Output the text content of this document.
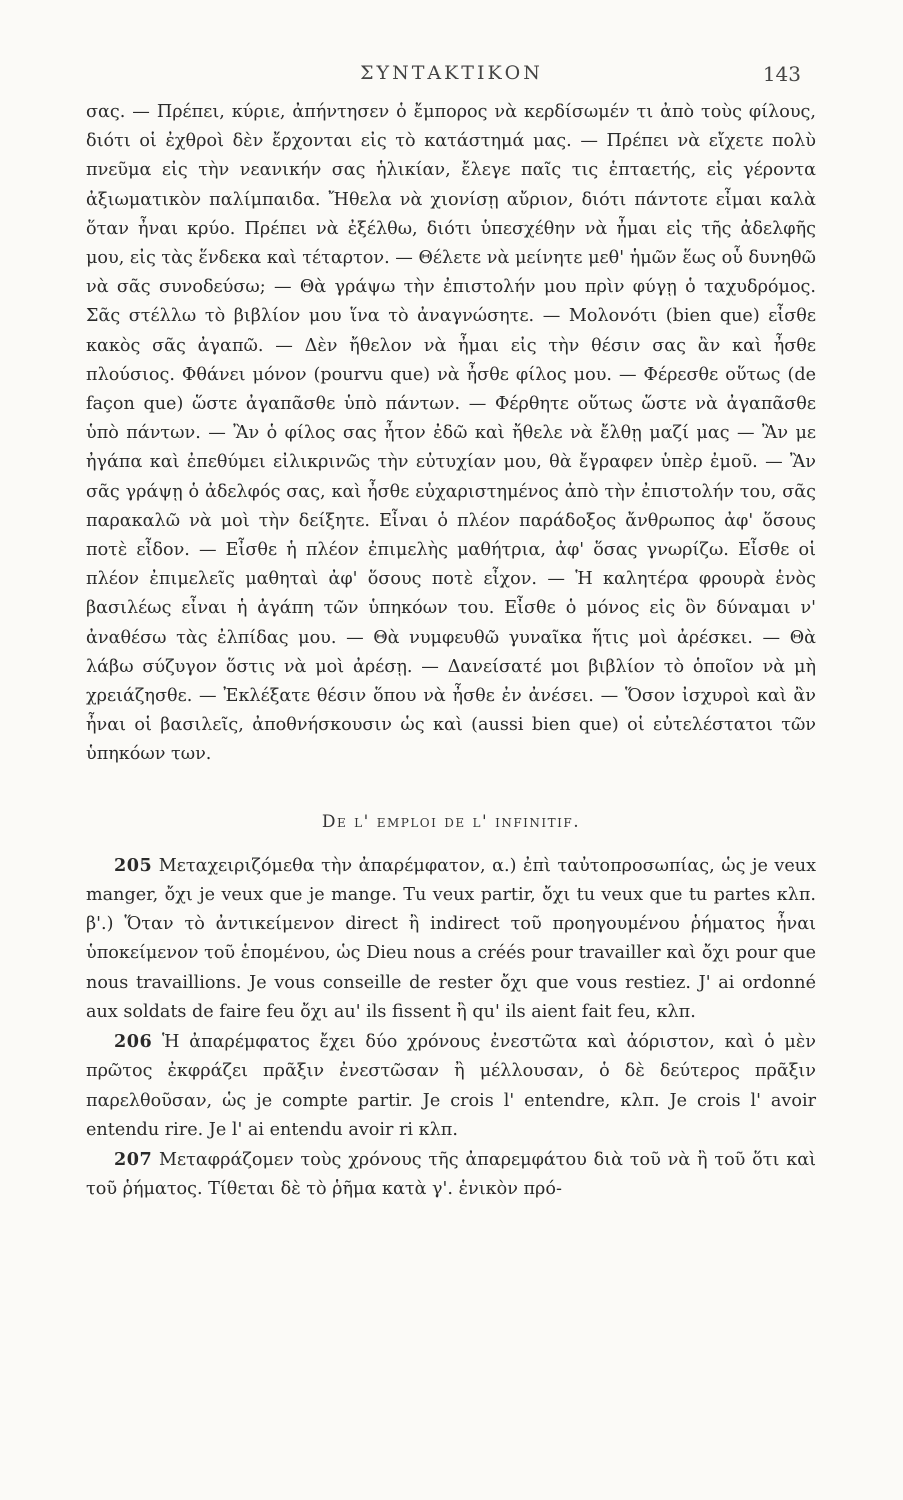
ΣΥΝΤΑΚΤΙΚΟΝ	143

σας. — Πρέπει, κύριε, ἀπήντησεν ὁ ἔμπορος νὰ κερδίσωμέν τι ἀπὸ τοὺς φίλους, διότι οἱ ἐχθροὶ δὲν ἔρχονται εἰς τὸ κατάστημά μας. — Πρέπει νὰ εἴχετε πολὺ πνεῦμα εἰς τὴν νεανικήν σας ἡλικίαν, ἔλεγε παῖς τις ἑπταετής, εἰς γέροντα ἀξιωματικὸν παλίμπαιδα. Ἤθελα νὰ χιονίσῃ αὔριον, διότι πάντοτε εἶμαι καλὰ ὅταν ἦναι κρύο. Πρέπει νὰ ἐξέλθω, διότι ὑπεσχέθην νὰ ἦμαι εἰς τῆς ἀδελφῆς μου, εἰς τὰς ἕνδεκα καὶ τέταρτον. — Θέλετε νὰ μείνητε μεθ' ἡμῶν ἕως οὗ δυνηθῶ νὰ σᾶς συνοδεύσω; — Θὰ γράψω τὴν ἐπιστολήν μου πρὶν φύγῃ ὁ ταχυδρόμος. Σᾶς στέλλω τὸ βιβλίον μου ἵνα τὸ ἀναγνώσητε. — Μολονότι (bien que) εἶσθε κακὸς σᾶς ἀγαπῶ. — Δὲν ἤθελον νὰ ἦμαι εἰς τὴν θέσιν σας ἂν καὶ ἦσθε πλούσιος. Φθάνει μόνον (pourvu que) νὰ ἦσθε φίλος μου. — Φέρεσθε οὕτως (de façon que) ὥστε ἀγαπᾶσθε ὑπὸ πάντων. — Φέρθητε οὕτως ὥστε νὰ ἀγαπᾶσθε ὑπὸ πάντων. — Ἂν ὁ φίλος σας ἦτον ἐδῶ καὶ ἤθελε νὰ ἔλθῃ μαζί μας — Ἂν με ἠγάπα καὶ ἐπεθύμει εἰλικρινῶς τὴν εὐτυχίαν μου, θὰ ἔγραφεν ὑπὲρ ἐμοῦ. — Ἂν σᾶς γράψῃ ὁ ἀδελφός σας, καὶ ἦσθε εὐχαριστημένος ἀπὸ τὴν ἐπιστολήν του, σᾶς παρακαλῶ νὰ μοὶ τὴν δείξητε. Εἶναι ὁ πλέον παράδοξος ἄνθρωπος ἀφ' ὅσους ποτὲ εἶδον. — Εἶσθε ἡ πλέον ἐπιμελὴς μαθήτρια, ἀφ' ὅσας γνωρίζω. Εἶσθε οἱ πλέον ἐπιμελεῖς μαθηταὶ ἀφ' ὅσους ποτὲ εἶχον. — Ἡ καλητέρα φρουρὰ ἑνὸς βασιλέως εἶναι ἡ ἀγάπη τῶν ὑπηκόων του. Εἶσθε ὁ μόνος εἰς ὃν δύναμαι ν' ἀναθέσω τὰς ἐλπίδας μου. — Θὰ νυμφευθῶ γυναῖκα ἥτις μοὶ ἀρέσκει. — Θὰ λάβω σύζυγον ὅστις νὰ μοὶ ἀρέσῃ. — Δανείσατέ μοι βιβλίον τὸ ὁποῖον νὰ μὴ χρειάζησθε. — Ἐκλέξατε θέσιν ὅπου νὰ ἦσθε ἐν ἀνέσει. — Ὅσον ἰσχυροὶ καὶ ἂν ἦναι οἱ βασιλεῖς, ἀποθνήσκουσιν ὡς καὶ (aussi bien que) οἱ εὐτελέστατοι τῶν ὑπηκόων των.

De l' emploi de l' infinitif.

205 Μεταχειριζόμεθα τὴν ἀπαρέμφατον, α.) ἐπὶ ταὐτοπροσωπίας, ὡς je veux manger, ὄχι je veux que je mange. Tu veux partir, ὄχι tu veux que tu partes κλπ. β'.) Ὅταν τὸ ἀντικείμενον direct ἢ indirect τοῦ προηγουμένου ῥήματος ἦναι ὑποκείμενον τοῦ ἑπομένου, ὡς Dieu nous a créés pour travailler καὶ ὄχι pour que nous travaillions. Je vous conseille de rester ὄχι que vous restiez. J' ai ordonné aux soldats de faire feu ὄχι au' ils fissent ἢ qu' ils aient fait feu, κλπ.

206 Ἡ ἀπαρέμφατος ἔχει δύο χρόνους ἐνεστῶτα καὶ ἀόριστον, καὶ ὁ μὲν πρῶτος ἐκφράζει πρᾶξιν ἐνεστῶσαν ἢ μέλλουσαν, ὁ δὲ δεύτερος πρᾶξιν παρελθοῦσαν, ὡς je compte partir. Je crois l' entendre, κλπ. Je crois l' avoir entendu rire. Je l' ai entendu avoir ri κλπ.

207 Μεταφράζομεν τοὺς χρόνους τῆς ἀπαρεμφάτου διὰ τοῦ νὰ ἢ τοῦ ὅτι καὶ τοῦ ῥήματος. Τίθεται δὲ τὸ ῥῆμα κατὰ γ'. ἑνικὸν πρό-
